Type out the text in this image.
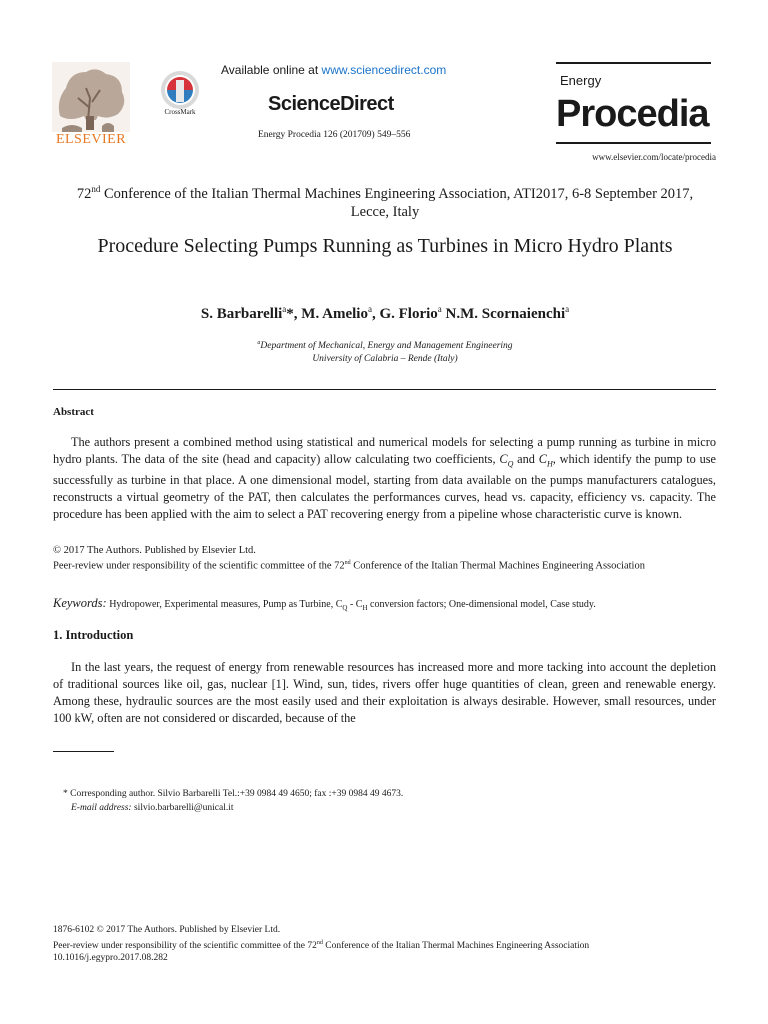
ELSEVIER
CrossMark
Available online at www.sciencedirect.com
ScienceDirect
Energy Procedia 126 (201709) 549–556
Energy
Procedia
www.elsevier.com/locate/procedia
72nd Conference of the Italian Thermal Machines Engineering Association, ATI2017, 6-8 September 2017, Lecce, Italy
Procedure Selecting Pumps Running as Turbines in Micro Hydro Plants
S. Barbarelli$^a$*, M. Amelio$^a$, G. Florio$^a$ N.M. Scornaienchi$^a$
$^a$Department of Mechanical, Energy and Management Engineering
University of Calabria – Rende (Italy)
Abstract
The authors present a combined method using statistical and numerical models for selecting a pump running as turbine in micro hydro plants. The data of the site (head and capacity) allow calculating two coefficients, $C_Q$ and $C_H$, which identify the pump to use successfully as turbine in that place. A one dimensional model, starting from data available on the pumps manufacturers catalogues, reconstructs a virtual geometry of the PAT, then calculates the performances curves, head vs. capacity, efficiency vs. capacity. The procedure has been applied with the aim to select a PAT recovering energy from a pipeline whose characteristic curve is known.
© 2017 The Authors. Published by Elsevier Ltd.
Peer-review under responsibility of the scientific committee of the 72nd Conference of the Italian Thermal Machines Engineering Association
Keywords: Hydropower, Experimental measures, Pump as Turbine, $C_Q - C_H$ conversion factors; One-dimensional model, Case study.
1. Introduction
In the last years, the request of energy from renewable resources has increased more and more tacking into account the depletion of traditional sources like oil, gas, nuclear [1]. Wind, sun, tides, rivers offer huge quantities of clean, green and renewable energy. Among these, hydraulic sources are the most easily used and their exploitation is always desirable. However, small resources, under 100 kW, often are not considered or discarded, because of the
* Corresponding author. Silvio Barbarelli Tel.:+39 0984 49 4650; fax :+39 0984 49 4673.
E-mail address: silvio.barbarelli@unical.it
1876-6102 © 2017 The Authors. Published by Elsevier Ltd.
Peer-review under responsibility of the scientific committee of the 72nd Conference of the Italian Thermal Machines Engineering Association
10.1016/j.egypro.2017.08.282
